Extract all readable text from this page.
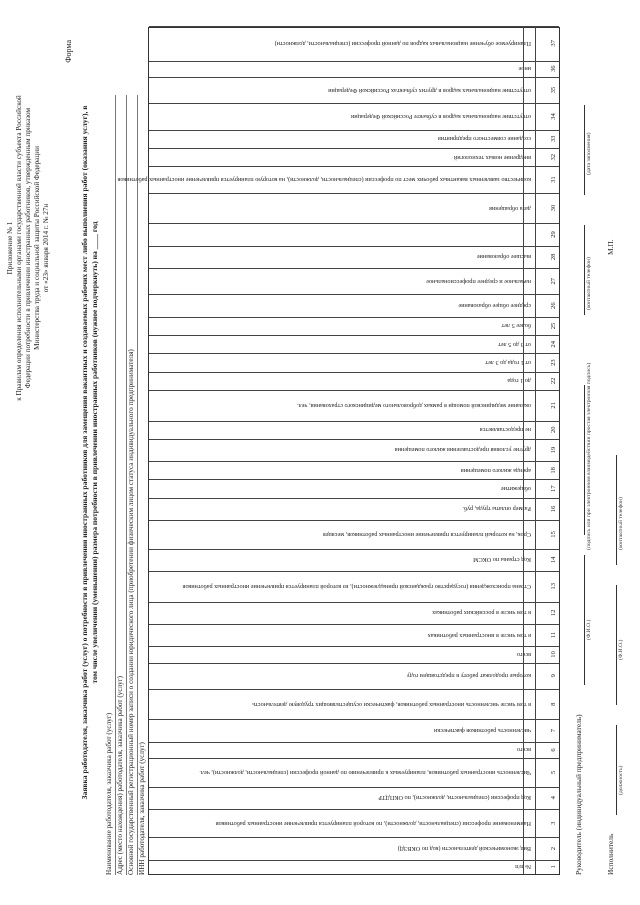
Приложение № 1 к Правилам определения исполнительными органами государственной власти субъекта Российской Федерации потребности в привлечении иностранных работников, утвержденным приказом Министерства труда и социальной защиты Российской Федерации от «23» января 2014 г. № 27н
Форма
Заявка работодателя, заказчика работ (услуг) о потребности в привлечении иностранных работников для замещения вакантных и создаваемых рабочих мест либо выполнения работ (оказания услуг), в том числе увеличении (уменьшении) размера потребности в привлечении иностранных работников (нужное подчеркнуть) на ____ год
Наименование работодателя, заказчика работ (услуг) Адрес (место нахождения) работодателя, заказчика работ (услуг) Основной государственный регистрационный номер записи о создании юридического лица (приобретении физическим лицом статуса индивидуального предпринимателя) ИНН работодателя, заказчика работ (услуг)	№ п/п	1
Вид экономической деятельности (код по ОКВЭД)	2
Наименование профессии (специальности, должности), по которой планируется привлечение иностранных работников	3
Код профессии (специальности, должности), по ОКПДТР	4
Численность иностранных работников, планируемых к привлечению по данной профессии (специальности, должности), чел.	5
всего	6
численность работников фактически	7
в том числе численность иностранных работников, фактически осуществляющих трудовую деятельность	8
которые продолжат работу в предстоящем году	9
всего	10
в том числе в иностранных работниках	11
в том числе в российских работниках	12
Страна происхождения (государство гражданской принадлежности), из которой планируется привлечение иностранных работников	13
Код страны по ОКСМ	14
Срок, на который планируется привлечение иностранных работников, месяцев	15
Размер оплаты труда, руб.	16
общежитие	17
аренда жилого помещения	18
другие условия предоставления жилого помещения	19
не предоставляется	20
оказание медицинской помощи в рамках добровольного медицинского страхования, чел.	21
до 1 года	22
от 1 года до 3 лет	23
от 3 до 5 лет	24
более 5 лет	25
среднее общее образование	26
начальное и среднее профессиональное	27
высшее образование	28
29
дата обращения	30
количество заявленных вакантных рабочих мест по профессии (специальности, должности), на которую планируется привлечение иностранных работников	31
внедрение новых технологий	32
создание совместного предприятия	33
отсутствие национальных кадров в субъекте Российской Федерации	34
отсутствие национальных кадров в других субъектах Российской Федерации	35
иное	36
Планируемое обучение национальных кадров по данной профессии (специальности, должности)	37
Руководитель (индивидуальный предприниматель)
(Ф.И.О.)
(подпись или при электронном взаимодействии простая электронная подпись)
(контактный телефон)
(дата заполнения)
Исполнитель
(должность)
(Ф.И.О.)
(контактный телефон)
М.П.
